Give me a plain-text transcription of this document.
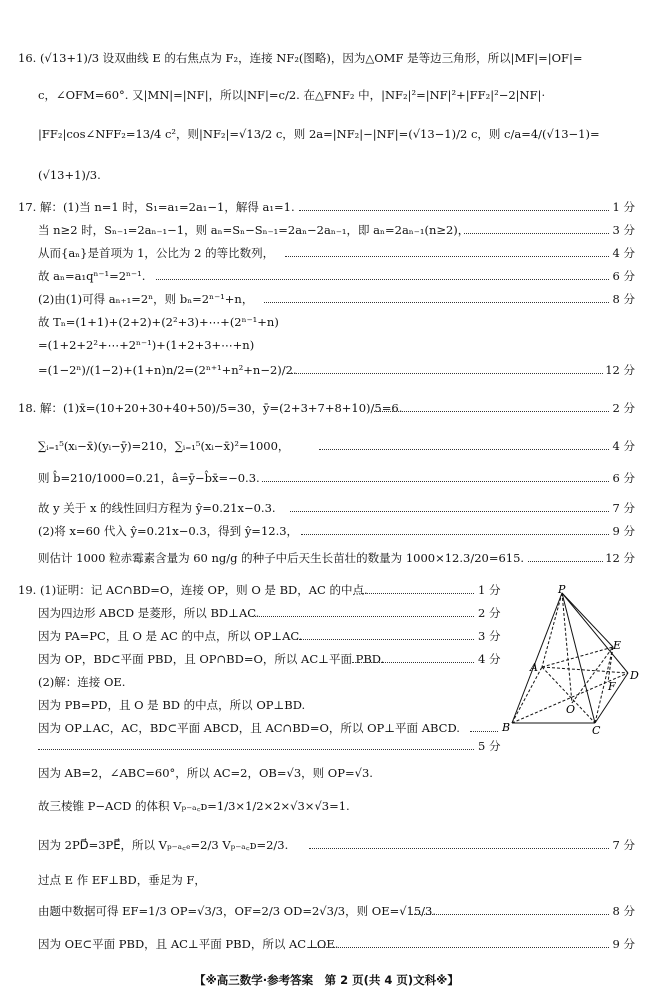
16. (√13+1)/3 设双曲线 E 的右焦点为 F₂，连接 NF₂(图略)，因为△OMF 是等边三角形，所以|MF|=|OF|=
c，∠OFM=60°. 又|MN|=|NF|，所以|NF|=c/2. 在△FNF₂ 中，|NF₂|²=|NF|²+|FF₂|²−2|NF|·
|FF₂|cos∠NFF₂=13/4 c²，则|NF₂|=√13/2 c，则 2a=|NF₂|−|NF|=(√13−1)/2 c，则 c/a=4/(√13−1)=
(√13+1)/3.
17. 解：(1)当 n=1 时，S₁=a₁=2a₁−1，解得 a₁=1.
当 n≥2 时，Sₙ₋₁=2aₙ₋₁−1，则 aₙ=Sₙ−Sₙ₋₁=2aₙ−2aₙ₋₁，即 aₙ=2aₙ₋₁(n≥2)，
从而{aₙ}是首项为 1，公比为 2 的等比数列，
故 aₙ=a₁qⁿ⁻¹=2ⁿ⁻¹.
(2)由(1)可得 aₙ₊₁=2ⁿ，则 bₙ=2ⁿ⁻¹+n，
故 Tₙ=(1+1)+(2+2)+(2²+3)+⋯+(2ⁿ⁻¹+n)
=(1+2+2²+⋯+2ⁿ⁻¹)+(1+2+3+⋯+n)
=(1−2ⁿ)/(1−2)+(1+n)n/2=(2ⁿ⁺¹+n²+n−2)/2.
18. 解：(1)x̄=(10+20+30+40+50)/5=30，ȳ=(2+3+7+8+10)/5=6.
∑ᵢ₌₁⁵(xᵢ−x̄)(yᵢ−ȳ)=210，∑ᵢ₌₁⁵(xᵢ−x̄)²=1000，
则 b̂=210/1000=0.21，â=ȳ−b̂x̄=−0.3.
故 y 关于 x 的线性回归方程为 ŷ=0.21x−0.3.
(2)将 x=60 代入 ŷ=0.21x−0.3，得到 ŷ=12.3，
则估计 1000 粒赤霉素含量为 60 ng/g 的种子中后天生长苗壮的数量为 1000×12.3/20=615.
19. (1)证明：记 AC∩BD=O，连接 OP，则 O 是 BD，AC 的中点.
因为四边形 ABCD 是菱形，所以 BD⊥AC.
因为 PA=PC，且 O 是 AC 的中点，所以 OP⊥AC.
因为 OP，BD⊂平面 PBD，且 OP∩BD=O，所以 AC⊥平面 PBD.
(2)解：连接 OE.
因为 PB=PD，且 O 是 BD 的中点，所以 OP⊥BD.
因为 OP⊥AC，AC，BD⊂平面 ABCD，且 AC∩BD=O，所以 OP⊥平面 ABCD.
因为 AB=2，∠ABC=60°，所以 AC=2，OB=√3，则 OP=√3.
故三棱锥 P−ACD 的体积 Vₚ₋ₐ꜀ᴅ=1/3×1/2×2×√3×√3=1.
因为 2PD⃗=3PE⃗，所以 Vₚ₋ₐ꜀ₑ=2/3 Vₚ₋ₐ꜀ᴅ=2/3.
过点 E 作 EF⊥BD，垂足为 F，
由题中数据可得 EF=1/3 OP=√3/3，OF=2/3 OD=2√3/3，则 OE=√15/3.
因为 OE⊂平面 PBD，且 AC⊥平面 PBD，所以 AC⊥OE.
1 分
3 分
4 分
6 分
8 分
12 分
2 分
4 分
6 分
7 分
9 分
12 分
7 分
8 分
9 分
1 分
2 分
3 分
4 分
5 分
P
A
B	C
D
E
F
O
【※高三数学·参考答案　第 2 页(共 4 页)文科※】
